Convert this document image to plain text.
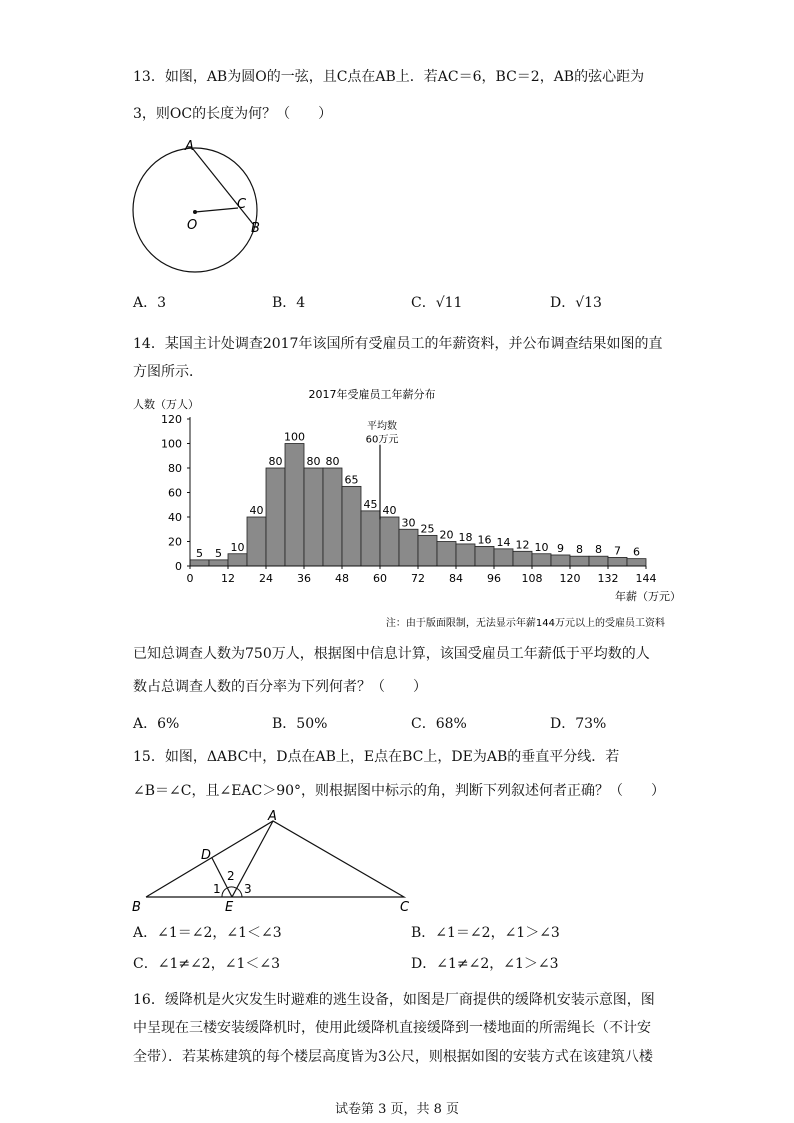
13．如图，AB为圆O的一弦，且C点在AB上．若AC＝6，BC＝2，AB的弦心距为
3，则OC的长度为何？（　　）
A
C
O	B
A．3	B．4	C．√11	D．√13
14．某国主计处调查2017年该国所有受雇员工的年薪资料，并公布调查结果如图的直
方图所示．
2017年受雇员工年薪分布
人数（万人）
年薪（万元）
注：由于版面限制，无法显示年薪144万元以上的受雇员工资料
0
20
40
60
80
100
120
5 5 10
40
80
100
80 80
65
45 40
30 25 20 18 16 14 12 10 9 8 8 7 6
0	12 24 36 48 60 72 84 96 108 120 132 144
平均数
60万元
已知总调查人数为750万人，根据图中信息计算，该国受雇员工年薪低于平均数的人
数占总调查人数的百分率为下列何者？（　　）
A．6%	B．50%	C．68%	D．73%
15．如图，ΔABC中，D点在AB上，E点在BC上，DE为AB的垂直平分线．若
∠B＝∠C，且∠EAC＞90°，则根据图中标示的角，判断下列叙述何者正确？（　　）
A
D
B	E	C
1
2
3
A．∠1＝∠2，∠1＜∠3	B．∠1＝∠2，∠1＞∠3
C．∠1≠∠2，∠1＜∠3	D．∠1≠∠2，∠1＞∠3
16．缓降机是火灾发生时避难的逃生设备，如图是厂商提供的缓降机安装示意图，图
中呈现在三楼安装缓降机时，使用此缓降机直接缓降到一楼地面的所需绳长（不计安
全带）．若某栋建筑的每个楼层高度皆为3公尺，则根据如图的安装方式在该建筑八楼
试卷第 3 页，共 8 页
